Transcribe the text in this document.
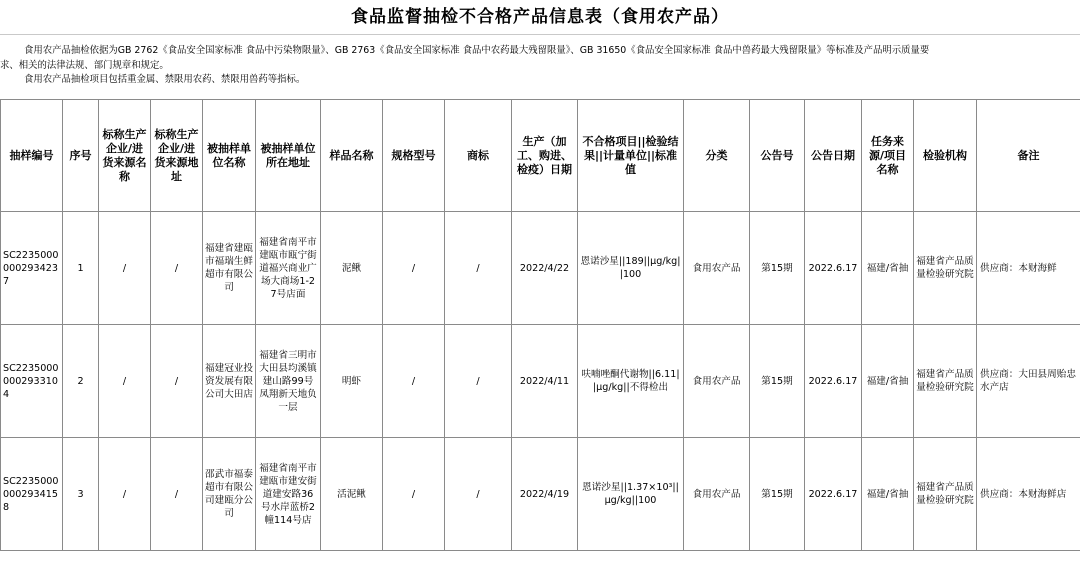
食品监督抽检不合格产品信息表（食用农产品）
食用农产品抽检依据为GB 2762《食品安全国家标准 食品中污染物限量》、GB 2763《食品安全国家标准 食品中农药最大残留限量》、GB 31650《食品安全国家标准 食品中兽药最大残留限量》等标准及产品明示质量要
求、相关的法律法规、部门规章和规定。
食用农产品抽检项目包括重金属、禁限用农药、禁限用兽药等指标。
抽样编号	序号	标称生产企业/进货来源名称	标称生产企业/进货来源地址	被抽样单位名称	被抽样单位所在地址	样品名称	规格型号	商标	生产（加工、购进、检疫）日期	不合格项目||检验结果||计量单位||标准值	分类	公告号	公告日期	任务来源/项目名称	检验机构	备注
SC22350000002934237	1	/	/	福建省建瓯市福瑞生鲜超市有限公司	福建省南平市建瓯市瓯宁街道福兴商业广场大商场1-27号店面	泥鳅	/	/	2022/4/22	恩诺沙星||189||μg/kg||100	食用农产品	第15期	2022.6.17	福建/省抽	福建省产品质量检验研究院	供应商：本财海鲜
SC22350000002933104	2	/	/	福建冠业投资发展有限公司大田店	福建省三明市大田县均溪镇建山路99号凤翔新天地负一层	明虾	/	/	2022/4/11	呋喃唑酮代谢物||6.11||μg/kg||不得检出	食用农产品	第15期	2022.6.17	福建/省抽	福建省产品质量检验研究院	供应商：大田县周贻忠水产店
SC22350000002934158	3	/	/	邵武市福泰超市有限公司建瓯分公司	福建省南平市建瓯市建安街道建安路36号水岸蓝桥2幢114号店	活泥鳅	/	/	2022/4/19	恩诺沙星||1.37×10³||μg/kg||100	食用农产品	第15期	2022.6.17	福建/省抽	福建省产品质量检验研究院	供应商：本财海鲜店
